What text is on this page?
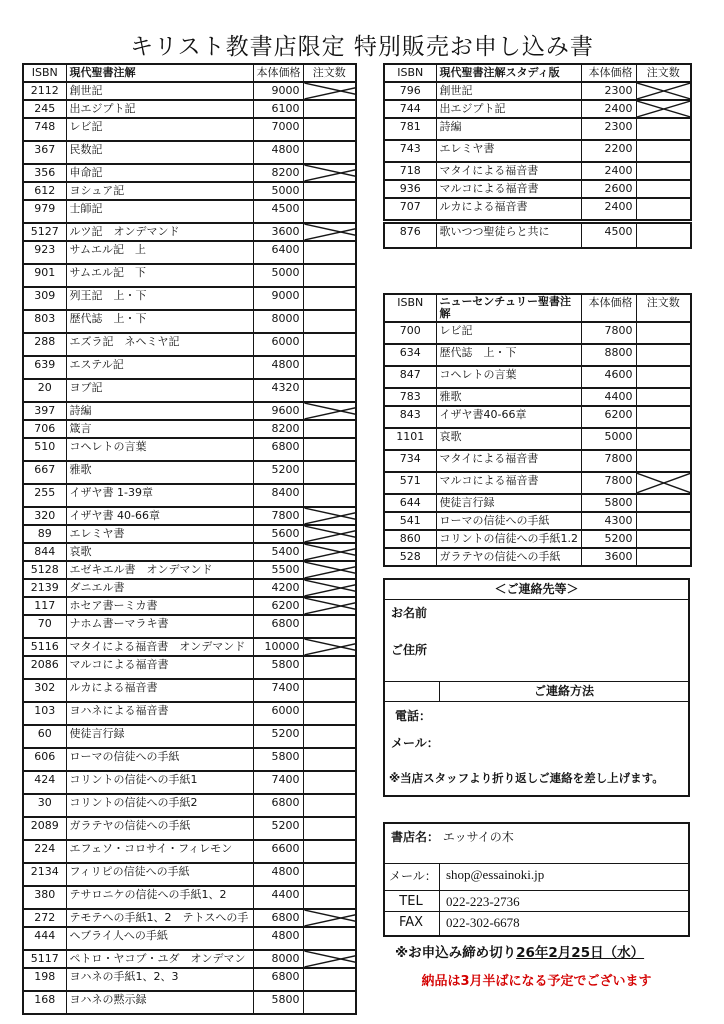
キリスト教書店限定 特別販売お申し込み書
ISBN	現代聖書注解	本体価格	注文数
2112	創世記	9000	

245	出エジプト記	6100	
748	レビ記	7000	
367	民数記	4800	
356	申命記	8200	

612	ヨシュア記	5000	
979	士師記	4500	
5127	ルツ記　オンデマンド	3600	

923	サムエル記　上	6400	
901	サムエル記　下	5000	
309	列王記　上・下	9000	
803	歴代誌　上・下	8000	
288	エズラ記　ネヘミヤ記	6000	
639	エステル記	4800	
20	ヨブ記	4320	
397	詩編	9600	

706	箴言	8200	
510	コヘレトの言葉	6800	
667	雅歌	5200	
255	イザヤ書 1-39章	8400	
320	イザヤ書 40-66章	7800	

89	エレミヤ書	5600	

844	哀歌	5400	

5128	エゼキエル書　オンデマンド	5500	

2139	ダニエル書	4200	

117	ホセア書ーミカ書	6200	

70	ナホム書ーマラキ書	6800	
5116	マタイによる福音書　オンデマンド	10000	

2086	マルコによる福音書	5800	
302	ルカによる福音書	7400	
103	ヨハネによる福音書	6000	
60	使徒言行録	5200	
606	ローマの信徒への手紙	5800	
424	コリントの信徒への手紙1	7400	
30	コリントの信徒への手紙2	6800	
2089	ガラテヤの信徒への手紙	5200	
224	エフェソ・コロサイ・フィレモン	6600	
2134	フィリピの信徒への手紙	4800	
380	テサロニケの信徒への手紙1、2	4400	
272	テモテへの手紙1、2　テトスへの手	6800	

444	ヘブライ人への手紙	4800	
5117	ペトロ・ヤコブ・ユダ　オンデマン	8000	

198	ヨハネの手紙1、2、3	6800	
168	ヨハネの黙示録	5800	
ISBN	現代聖書注解スタディ版	本体価格	注文数
796	創世記	2300	

744	出エジプト記	2400	

781	詩編	2300	
743	エレミヤ書	2200	
718	マタイによる福音書	2400	
936	マルコによる福音書	2600	
707	ルカによる福音書	2400	
876	歌いつつ聖徒らと共に	4500	
ISBN	ニューセンチュリー聖書注解	本体価格	注文数
700	レビ記	7800	
634	歴代誌　上・下	8800	
847	コヘレトの言葉	4600	
783	雅歌	4400	
843	イザヤ書40-66章	6200	
1101	哀歌	5000	
734	マタイによる福音書	7800	
571	マルコによる福音書	7800	

644	使徒言行録	5800	
541	ローマの信徒への手紙	4300	
860	コリントの信徒への手紙1.2	5200	
528	ガラテヤの信徒への手紙	3600	
＜ご連絡先等＞

お名前

ご住所

ご連絡方法

電話：

メール：

※当店スタッフより折り返しご連絡を差し上げます。
書店名： エッサイの木
メール： shop@essainoki.jp
TEL	022-223-2736
FAX	022-302-6678
※お申込み締め切り26年2月25日（水）
納品は3月半ばになる予定でございます
